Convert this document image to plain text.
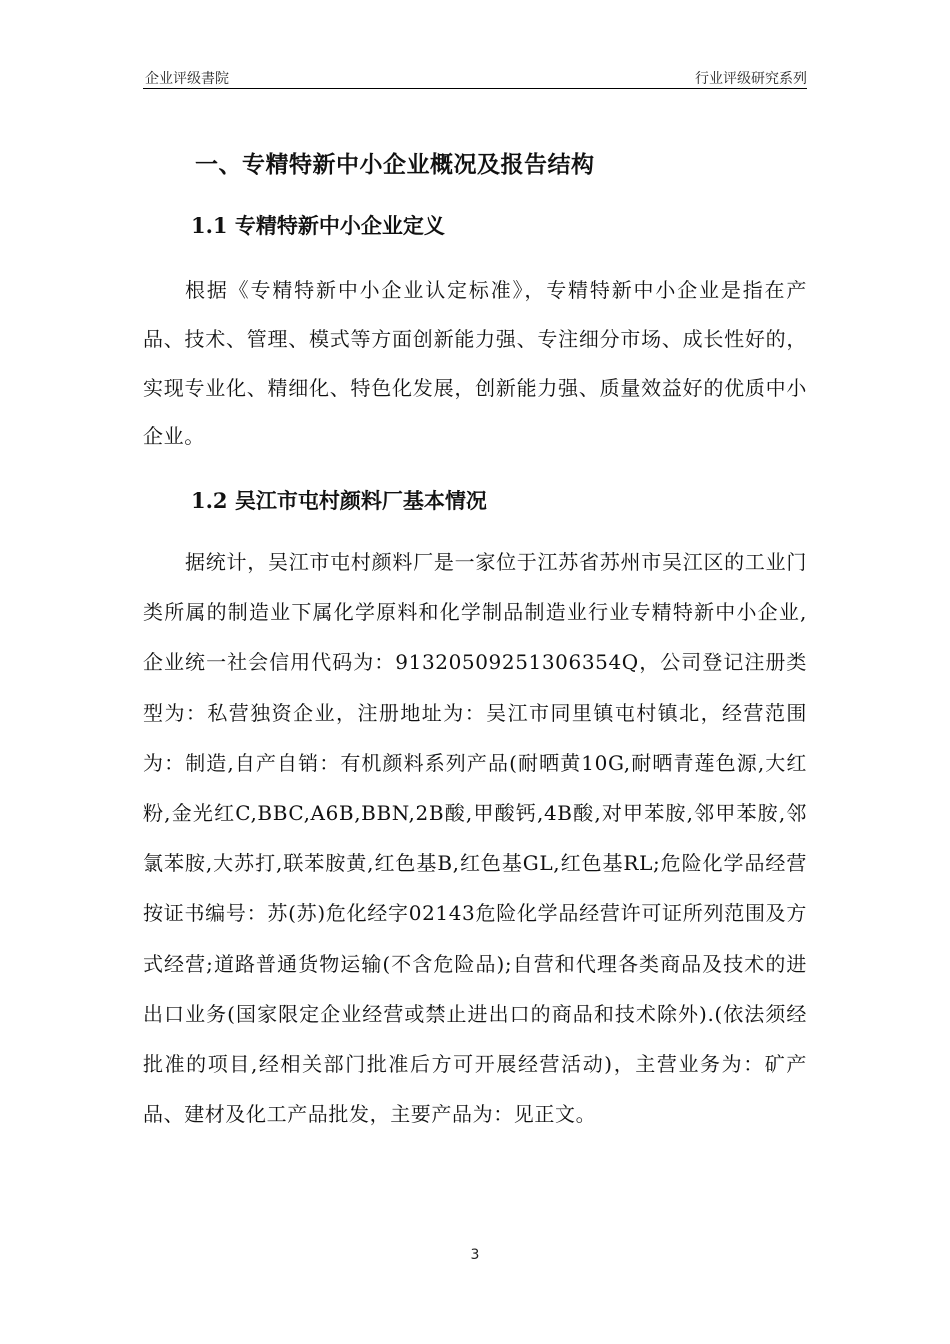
企业评级書院	行业评级研究系列
一、专精特新中小企业概况及报告结构
1.1 专精特新中小企业定义
根据《专精特新中小企业认定标准》，专精特新中小企业是指在产品、技术、管理、模式等方面创新能力强、专注细分市场、成长性好的，实现专业化、精细化、特色化发展，创新能力强、质量效益好的优质中小企业。
1.2 吴江市屯村颜料厂基本情况
据统计，吴江市屯村颜料厂是一家位于江苏省苏州市吴江区的工业门类所属的制造业下属化学原料和化学制品制造业行业专精特新中小企业,企业统一社会信用代码为：91320509251306354Q，公司登记注册类型为：私营独资企业，注册地址为：吴江市同里镇屯村镇北，经营范围为：制造,自产自销：有机颜料系列产品(耐晒黄10G,耐晒青莲色源,大红粉,金光红C,BBC,A6B,BBN,2B酸,甲酸钙,4B酸,对甲苯胺,邻甲苯胺,邻氯苯胺,大苏打,联苯胺黄,红色基B,红色基GL,红色基RL;危险化学品经营按证书编号：苏(苏)危化经字02143危险化学品经营许可证所列范围及方式经营;道路普通货物运输(不含危险品);自营和代理各类商品及技术的进出口业务(国家限定企业经营或禁止进出口的商品和技术除外).(依法须经批准的项目,经相关部门批准后方可开展经营活动)，主营业务为：矿产品、建材及化工产品批发，主要产品为：见正文。
3
